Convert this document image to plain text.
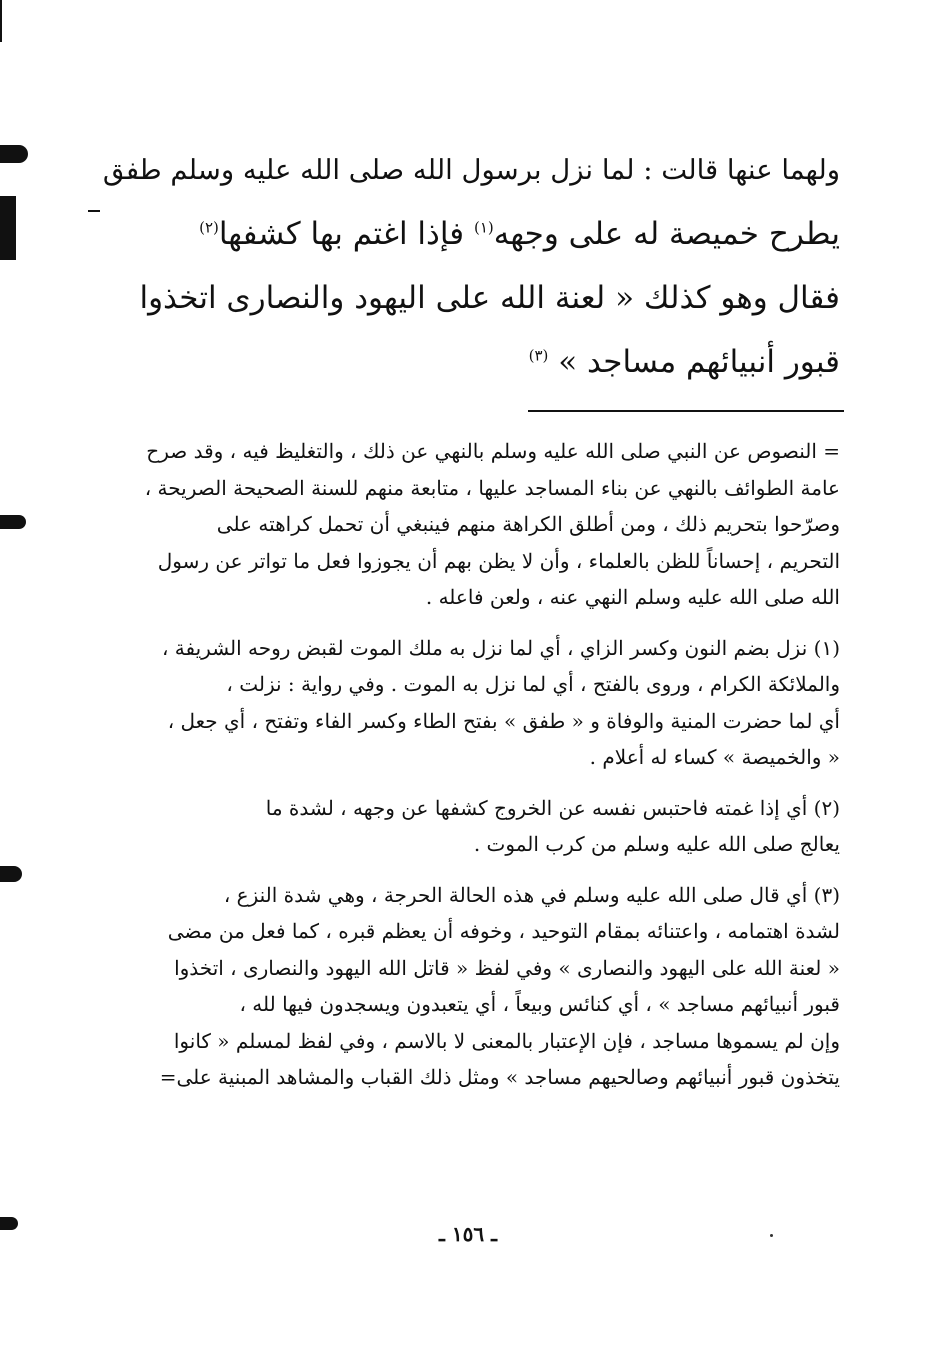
ولهما عنها قالت : لما نزل برسول الله صلى الله عليه وسلم طفق
يطرح خميصة له على وجهه$^{(١)}$ فإذا اغتم بها كشفها$^{(٢)}$
فقال وهو كذلك « لعنة الله على اليهود والنصارى اتخذوا
قبور أنبيائهم مساجد » $^{(٣)}$
= النصوص عن النبي صلى الله عليه وسلم بالنهي عن ذلك ، والتغليظ فيه ، وقد صرح
عامة الطوائف بالنهي عن بناء المساجد عليها ، متابعة منهم للسنة الصحيحة الصريحة ،
وصرّحوا بتحريم ذلك ، ومن أطلق الكراهة منهم فينبغي أن تحمل كراهته على
التحريم ، إحساناً للظن بالعلماء ، وأن لا يظن بهم أن يجوزوا فعل ما تواتر عن رسول
الله صلى الله عليه وسلم النهي عنه ، ولعن فاعله .
(١) نزل بضم النون وكسر الزاي ، أي لما نزل به ملك الموت لقبض روحه الشريفة ،
والملائكة الكرام ، وروى بالفتح ، أي لما نزل به الموت . وفي رواية : نزلت ،
أي لما حضرت المنية والوفاة و « طفق » بفتح الطاء وكسر الفاء وتفتح ، أي جعل ،
« والخميصة » كساء له أعلام .
(٢) أي إذا غمته فاحتبس نفسه عن الخروج كشفها عن وجهه ، لشدة ما
يعالج صلى الله عليه وسلم من كرب الموت .
(٣) أي قال صلى الله عليه وسلم في هذه الحالة الحرجة ، وهي شدة النزع ،
لشدة اهتمامه ، واعتنائه بمقام التوحيد ، وخوفه أن يعظم قبره ، كما فعل من مضى
« لعنة الله على اليهود والنصارى » وفي لفظ « قاتل الله اليهود والنصارى ، اتخذوا
قبور أنبيائهم مساجد » ، أي كنائس وبيعاً ، أي يتعبدون ويسجدون فيها لله ،
وإن لم يسموها مساجد ، فإن الإعتبار بالمعنى لا بالاسم ، وفي لفظ لمسلم « كانوا
يتخذون قبور أنبيائهم وصالحيهم مساجد » ومثل ذلك القباب والمشاهد المبنية على=
ـ ١٥٦ ـ
